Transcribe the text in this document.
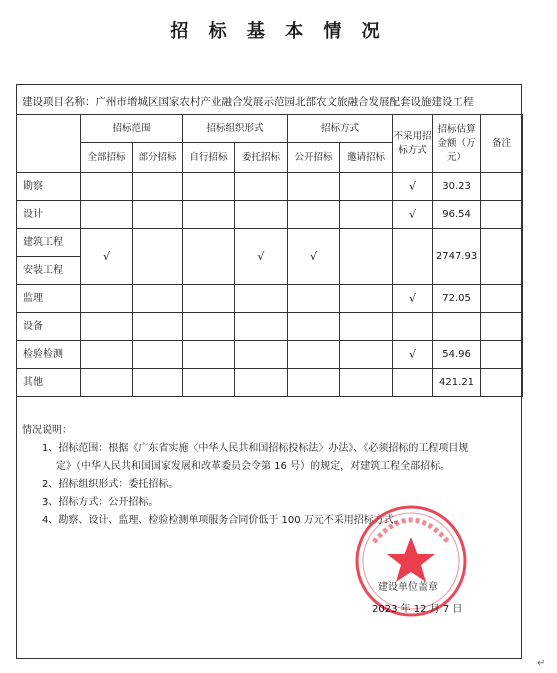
招 标 基 本 情 况
建设项目名称：广州市增城区国家农村产业融合发展示范园北部农文旅融合发展配套设施建设工程
	招标范围		招标组织形式		招标方式		不采用招标方式	招标估算金额（万元）	备注
	全部招标	部分招标	自行招标	委托招标	公开招标	邀请招标			
勘察							√	30.23	
设计							√	96.54	
建筑工程	√			√	√			2747.93	
安装工程									
监理							√	72.05	
设备									
检验检测							√	54.96	
其他								421.21	

情况说明：

1、招标范围：根据《广东省实施〈中华人民共和国招标投标法〉办法》、《必须招标的工程项目规

定》（中华人民共和国国家发展和改革委员会令第 16 号）的规定，对建筑工程全部招标。

2、招标组织形式：委托招标。

3、招标方式：公开招标。

4、勘察、设计、监理、检验检测单项服务合同价低于 100 万元不采用招标方式。

建设单位盖章
2023 年 12 月 7 日
↵
